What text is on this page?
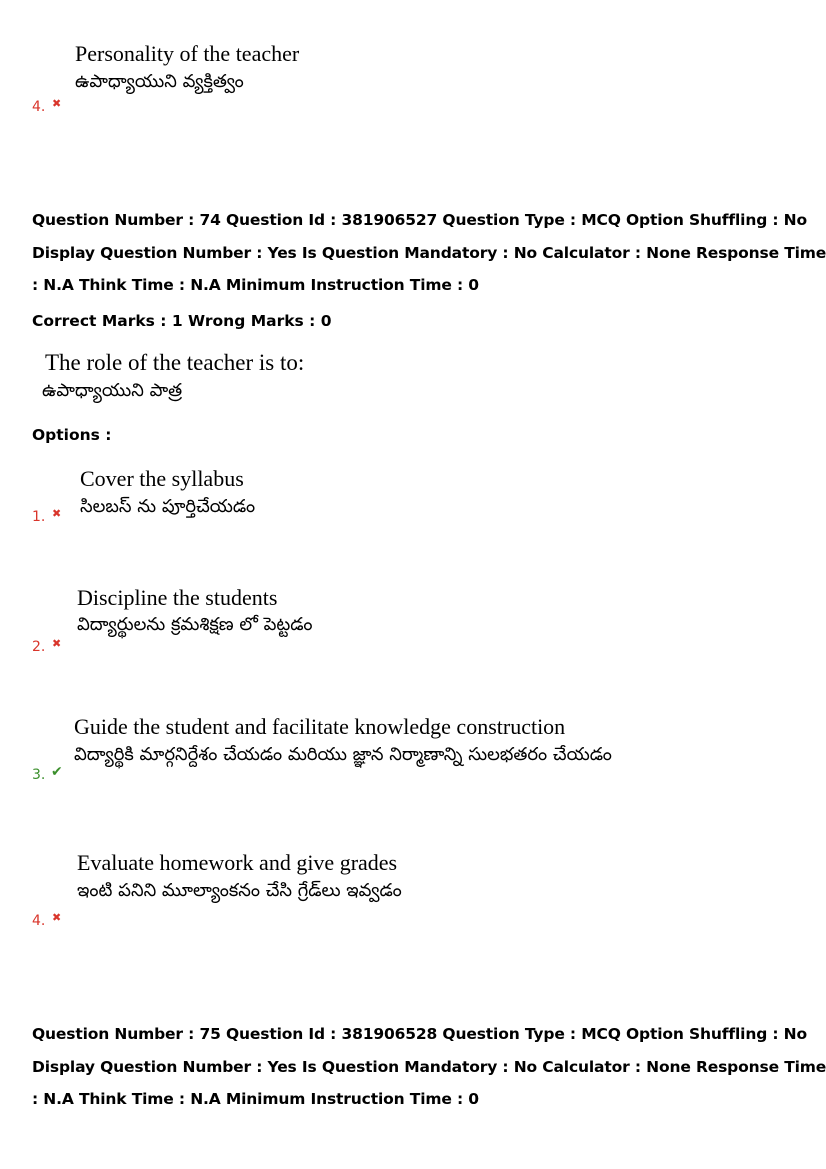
Personality of the teacher
ఉపాధ్యాయుని వ్యక్తిత్వం
4. ✖
Question Number : 74 Question Id : 381906527 Question Type : MCQ Option Shuffling : No
Display Question Number : Yes Is Question Mandatory : No Calculator : None Response Time
: N.A Think Time : N.A Minimum Instruction Time : 0
Correct Marks : 1 Wrong Marks : 0
The role of the teacher is to:
ఉపాధ్యాయుని పాత్ర
Options :
Cover the syllabus
సిలబస్ ను పూర్తిచేయడం
1. ✖
Discipline the students
విద్యార్థులను క్రమశిక్షణ లో పెట్టడం
2. ✖
Guide the student and facilitate knowledge construction
విద్యార్థికి మార్గనిర్దేశం చేయడం మరియు జ్ఞాన నిర్మాణాన్ని సులభతరం చేయడం
3. ✔
Evaluate homework and give grades
ఇంటి పనిని మూల్యాంకనం చేసి గ్రేడ్‌లు ఇవ్వడం
4. ✖
Question Number : 75 Question Id : 381906528 Question Type : MCQ Option Shuffling : No
Display Question Number : Yes Is Question Mandatory : No Calculator : None Response Time
: N.A Think Time : N.A Minimum Instruction Time : 0
